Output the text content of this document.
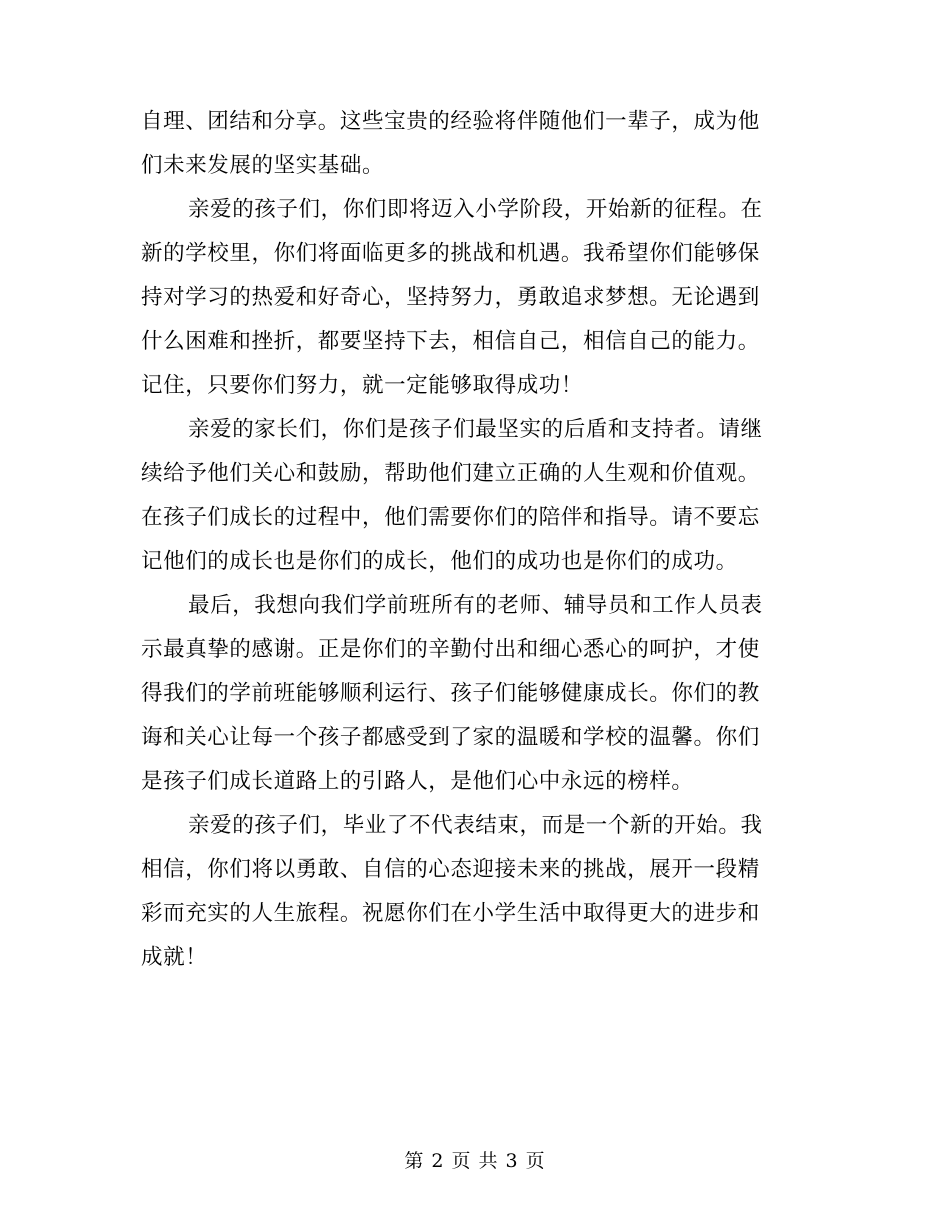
自理、团结和分享。这些宝贵的经验将伴随他们一辈子，成为他
们未来发展的坚实基础。
亲爱的孩子们，你们即将迈入小学阶段，开始新的征程。在
新的学校里，你们将面临更多的挑战和机遇。我希望你们能够保
持对学习的热爱和好奇心，坚持努力，勇敢追求梦想。无论遇到
什么困难和挫折，都要坚持下去，相信自己，相信自己的能力。
记住，只要你们努力，就一定能够取得成功！
亲爱的家长们，你们是孩子们最坚实的后盾和支持者。请继
续给予他们关心和鼓励，帮助他们建立正确的人生观和价值观。
在孩子们成长的过程中，他们需要你们的陪伴和指导。请不要忘
记他们的成长也是你们的成长，他们的成功也是你们的成功。
最后，我想向我们学前班所有的老师、辅导员和工作人员表
示最真挚的感谢。正是你们的辛勤付出和细心悉心的呵护，才使
得我们的学前班能够顺利运行、孩子们能够健康成长。你们的教
诲和关心让每一个孩子都感受到了家的温暖和学校的温馨。你们
是孩子们成长道路上的引路人，是他们心中永远的榜样。
亲爱的孩子们，毕业了不代表结束，而是一个新的开始。我
相信，你们将以勇敢、自信的心态迎接未来的挑战，展开一段精
彩而充实的人生旅程。祝愿你们在小学生活中取得更大的进步和
成就！
第 2 页 共 3 页
